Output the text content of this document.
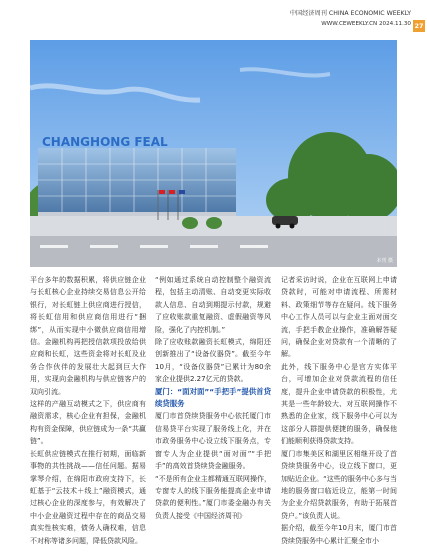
中国经济周刊 CHINA ECONOMIC WEEKLY
WWW.CEWEEKLY.CN 2024.11.30 27
CHANGHONG FEAL
本刊 摄

平台多年的数据积累，将供应链企业与长虹核心企业持续交易信息公开给银行，对长虹链上供应商进行授信，将长虹信用和供应商信用进行“捆绑”，从而实现中小微供应商信用增信。金融机构再把授信款项投放给供应商和长虹，这些资金将对长虹及业务合作伙伴的发展壮大起到巨大作用，实现向金融机构与供应链客户的双向引流。

这样的产融互动模式之下，供应商有融资需求，核心企业有担保，金融机构有资金保障，供应链成为一条“共赢链”。

长虹供应链模式在推行初期，面临新事物的共性挑战——信任问题。据易掌琴介绍，在绵阳市政府支持下，长虹基于“云技术＋线上”融资模式，通过核心企业的深度参与，有效解决了中小企业融资过程中存在的商品交易真实性核实难，债务人确权难，信息不对称等诸多问题，降低贷款风险。

“例如通过系统自动控制整个融资流程，包括主动清账、自动变更实际收款人信息、自动到期提示付款，规避了应收账款重复融资、虚假融资等风险，强化了内控机制。”

除了应收账款融资长虹模式，绵阳还创新推出了“设备仪器贷”。截至今年10月，“设备仪器贷”已累计为80余家企业提供2.27亿元的贷款。

厦门：“面对面”“手把手”提供首贷续贷服务

厦门市首贷续贷服务中心依托厦门市信易贷平台实现了服务线上化，并在市政务服务中心设立线下服务点，专窗专人为企业提供“面对面”“手把手”的高效首贷续贷金融服务。

“不是所有企业主都精通互联网操作，专窗专人的线下服务能提高企业申请贷款的便利性。”厦门市委金融办有关负责人接受《中国经济周刊》

记者采访时说，企业在互联网上申请贷款时，可能对申请流程、所需材料、政策细节等存在疑问。线下服务中心工作人员可以与企业主面对面交流，手把手教企业操作，准确解答疑问，确保企业对贷款有一个清晰的了解。

此外，线下服务中心是官方实体平台，可增加企业对贷款流程的信任度，提升企业申请贷款的积极性，尤其是一些年龄较大、对互联网操作不熟悉的企业家，线下服务中心可以为这部分人群提供便捷的服务，确保他们能顺利获得贷款支持。

厦门市集美区和湖里区相继开设了首贷续贷服务中心，设立线下窗口，更加贴近企业。“这些的服务中心多与当地的服务窗口临近设立，能第一时间为企业介绍贷款服务，有助于拓展首贷户。”该负责人说。

据介绍，截至今年10月末，厦门市首贷续贷服务中心累计汇聚全市小
